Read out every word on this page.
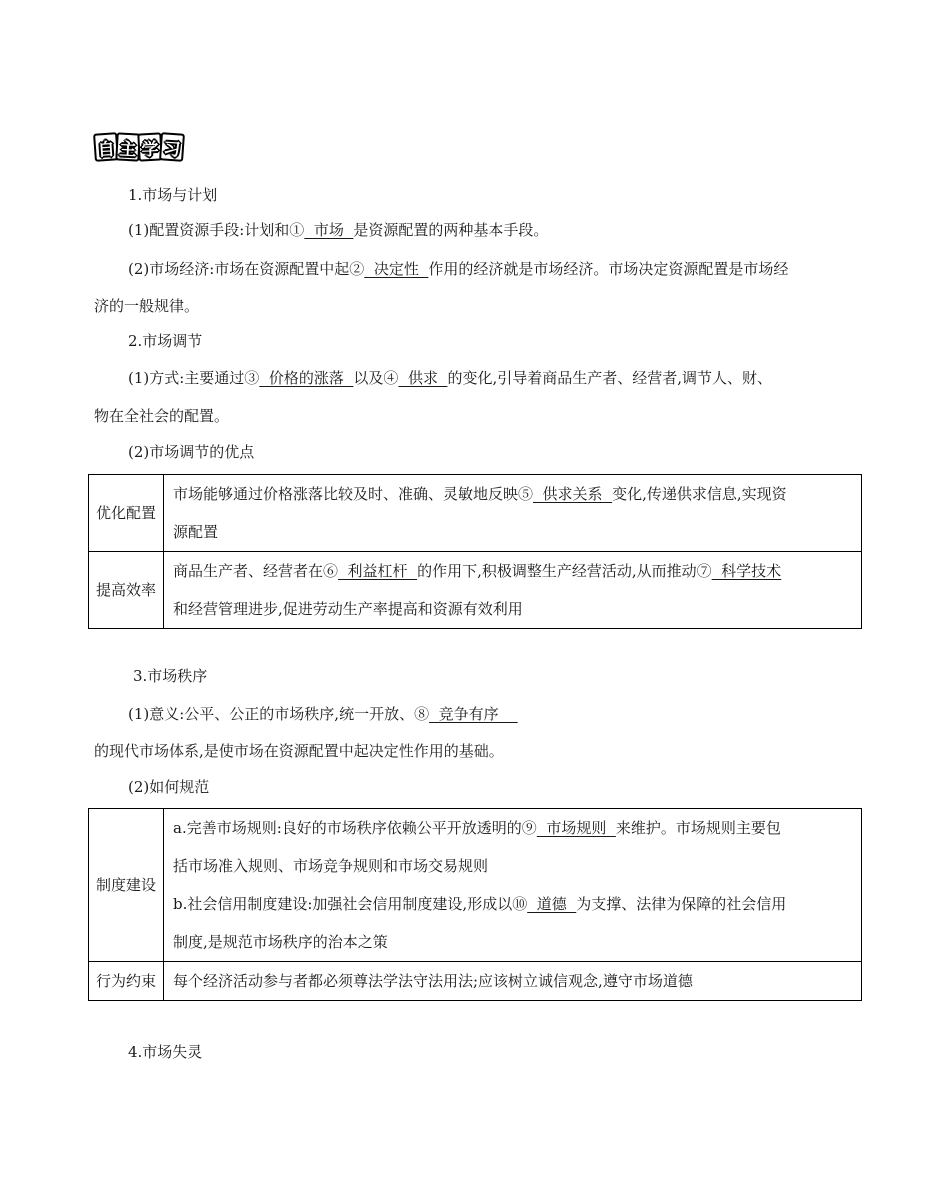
自 主 学 习
1.市场与计划
(1)配置资源手段:计划和①  市场  是资源配置的两种基本手段。
(2)市场经济:市场在资源配置中起②  决定性  作用的经济就是市场经济。市场决定资源配置是市场经
济的一般规律。
2.市场调节
(1)方式:主要通过③  价格的涨落  以及④  供求  的变化,引导着商品生产者、经营者,调节人、财、
物在全社会的配置。
(2)市场调节的优点
优化配置	市场能够通过价格涨落比较及时、准确、灵敏地反映⑤  供求关系  变化,传递供求信息,实现资
源配置

提高效率	商品生产者、经营者在⑥  利益杠杆  的作用下,积极调整生产经营活动,从而推动⑦  科学技术
和经营管理进步,促进劳动生产率提高和资源有效利用
3.市场秩序
(1)意义:公平、公正的市场秩序,统一开放、⑧  竞争有序
的现代市场体系,是使市场在资源配置中起决定性作用的基础。
(2)如何规范
制度建设	a.完善市场规则:良好的市场秩序依赖公平开放透明的⑨  市场规则  来维护。市场规则主要包
括市场准入规则、市场竞争规则和市场交易规则
b.社会信用制度建设:加强社会信用制度建设,形成以⑩  道德  为支撑、法律为保障的社会信用
制度,是规范市场秩序的治本之策

行为约束	每个经济活动参与者都必须尊法学法守法用法;应该树立诚信观念,遵守市场道德
4.市场失灵
